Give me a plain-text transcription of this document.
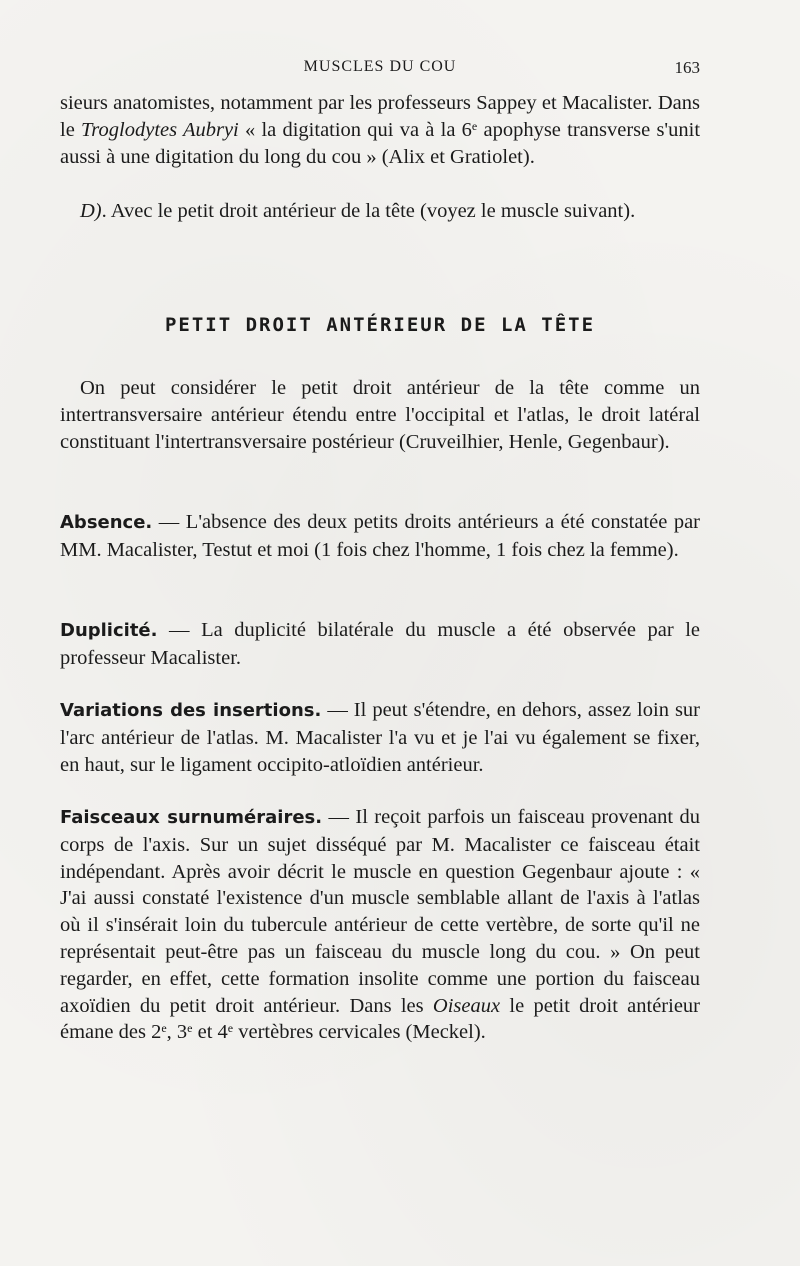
MUSCLES DU COU	163

sieurs anatomistes, notamment par les professeurs Sappey et Macalister. Dans le Troglodytes Aubryi « la digitation qui va à la 6e apophyse transverse s'unit aussi à une digitation du long du cou » (Alix et Gratiolet).

D). Avec le petit droit antérieur de la tête (voyez le muscle suivant).

PETIT DROIT ANTÉRIEUR DE LA TÊTE

On peut considérer le petit droit antérieur de la tête comme un intertransversaire antérieur étendu entre l'occipital et l'atlas, le droit latéral constituant l'intertransversaire postérieur (Cruveilhier, Henle, Gegenbaur).

Absence. — L'absence des deux petits droits antérieurs a été constatée par MM. Macalister, Testut et moi (1 fois chez l'homme, 1 fois chez la femme).

Duplicité. — La duplicité bilatérale du muscle a été observée par le professeur Macalister.

Variations des insertions. — Il peut s'étendre, en dehors, assez loin sur l'arc antérieur de l'atlas. M. Macalister l'a vu et je l'ai vu également se fixer, en haut, sur le ligament occipito-atloïdien antérieur.

Faisceaux surnuméraires. — Il reçoit parfois un faisceau provenant du corps de l'axis. Sur un sujet disséqué par M. Macalister ce faisceau était indépendant. Après avoir décrit le muscle en question Gegenbaur ajoute : « J'ai aussi constaté l'existence d'un muscle semblable allant de l'axis à l'atlas où il s'insérait loin du tubercule antérieur de cette vertèbre, de sorte qu'il ne représentait peut-être pas un faisceau du muscle long du cou. » On peut regarder, en effet, cette formation insolite comme une portion du faisceau axoïdien du petit droit antérieur. Dans les Oiseaux le petit droit antérieur émane des 2e, 3e et 4e vertèbres cervicales (Meckel).
